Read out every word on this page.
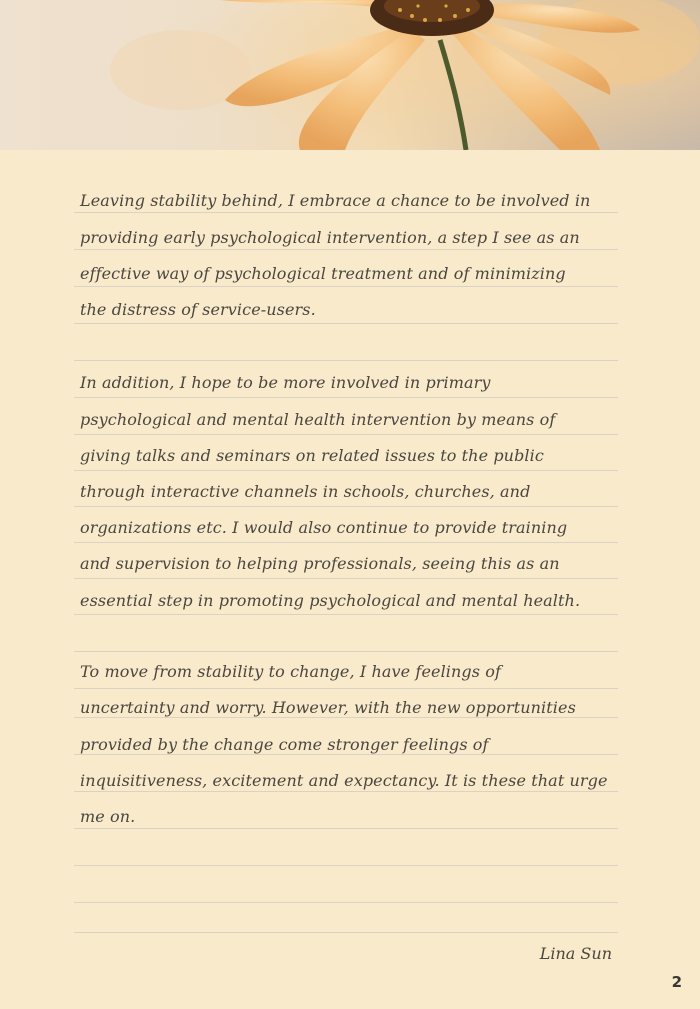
Leaving stability behind, I embrace a chance to be involved in
providing early psychological intervention, a step I see as an
effective way of psychological treatment and of minimizing
the distress of service-users.
In addition, I hope to be more involved in primary
psychological and mental health intervention by means of
giving talks and seminars on related issues to the public
through interactive channels in schools, churches, and
organizations etc. I would also continue to provide training
and supervision to helping professionals, seeing this as an
essential step in promoting psychological and mental health.
To move from stability to change, I have feelings of
uncertainty and worry. However, with the new opportunities
provided by the change come stronger feelings of
inquisitiveness, excitement and expectancy. It is these that urge
me on.
Lina Sun
2
